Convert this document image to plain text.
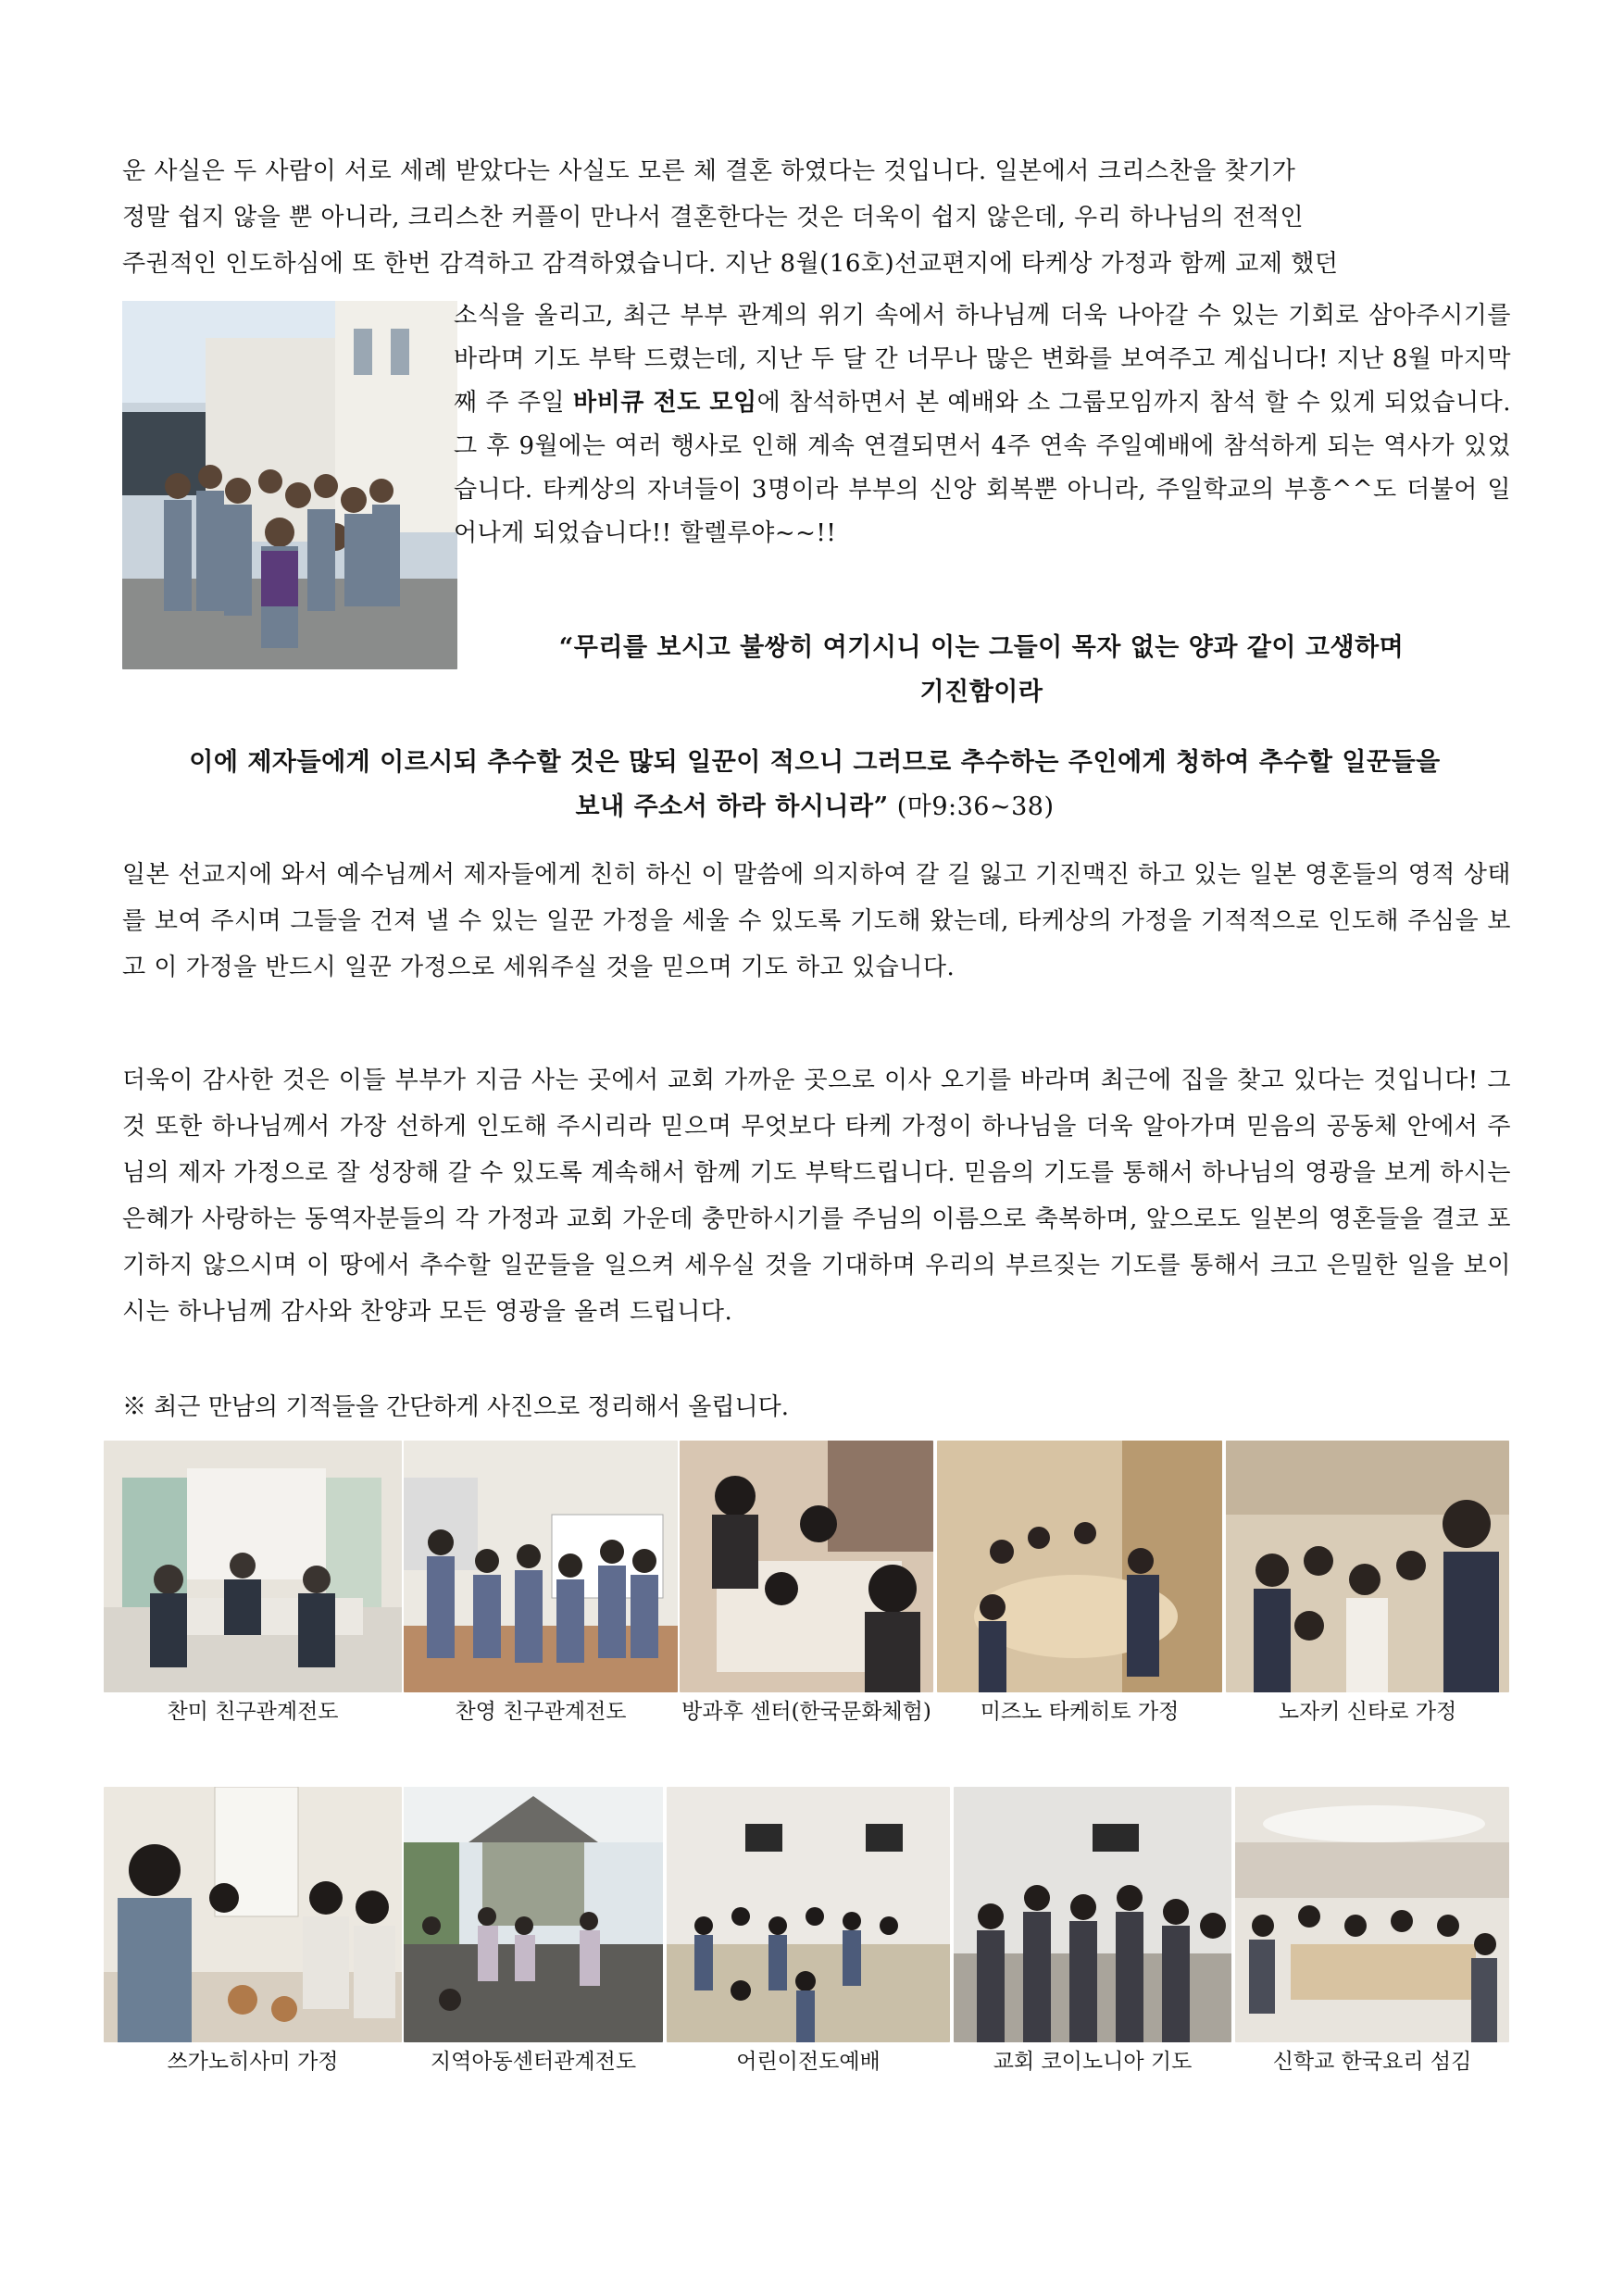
운 사실은 두 사람이 서로 세례 받았다는 사실도 모른 체 결혼 하였다는 것입니다. 일본에서 크리스찬을 찾기가

정말 쉽지 않을 뿐 아니라, 크리스찬 커플이 만나서 결혼한다는 것은 더욱이 쉽지 않은데, 우리 하나님의 전적인

주권적인 인도하심에 또 한번 감격하고 감격하였습니다. 지난 8월(16호)선교편지에 타케상 가정과 함께 교제 했던

소식을 올리고, 최근 부부 관계의 위기 속에서 하나님께 더욱 나아갈 수 있는 기회로 삼아주시기를 바라며 기도 부탁 드렸는데, 지난 두 달 간 너무나 많은 변화를 보여주고 계십니다! 지난 8월 마지막 째 주 주일 바비큐 전도 모임에 참석하면서 본 예배와 소 그룹모임까지 참석 할 수 있게 되었습니다. 그 후 9월에는 여러 행사로 인해 계속 연결되면서 4주 연속 주일예배에 참석하게 되는 역사가 있었습니다. 타케상의 자녀들이 3명이라 부부의 신앙 회복뿐 아니라, 주일학교의 부흥^^도 더불어 일어나게 되었습니다!! 할렐루야~~!!

“무리를 보시고 불쌍히 여기시니 이는 그들이 목자 없는 양과 같이 고생하며

기진함이라

이에 제자들에게 이르시되 추수할 것은 많되 일꾼이 적으니 그러므로 추수하는 주인에게 청하여 추수할 일꾼들을

보내 주소서 하라 하시니라” (마9:36~38)

일본 선교지에 와서 예수님께서 제자들에게 친히 하신 이 말씀에 의지하여 갈 길 잃고 기진맥진 하고 있는 일본 영혼들의 영적 상태를 보여 주시며 그들을 건져 낼 수 있는 일꾼 가정을 세울 수 있도록 기도해 왔는데, 타케상의 가정을 기적적으로 인도해 주심을 보고 이 가정을 반드시 일꾼 가정으로 세워주실 것을 믿으며 기도 하고 있습니다.

더욱이 감사한 것은 이들 부부가 지금 사는 곳에서 교회 가까운 곳으로 이사 오기를 바라며 최근에 집을 찾고 있다는 것입니다! 그 것 또한 하나님께서 가장 선하게 인도해 주시리라 믿으며 무엇보다 타케 가정이 하나님을 더욱 알아가며 믿음의 공동체 안에서 주님의 제자 가정으로 잘 성장해 갈 수 있도록 계속해서 함께 기도 부탁드립니다. 믿음의 기도를 통해서 하나님의 영광을 보게 하시는 은혜가 사랑하는 동역자분들의 각 가정과 교회 가운데 충만하시기를 주님의 이름으로 축복하며, 앞으로도 일본의 영혼들을 결코 포기하지 않으시며 이 땅에서 추수할 일꾼들을 일으켜 세우실 것을 기대하며 우리의 부르짖는 기도를 통해서 크고 은밀한 일을 보이시는 하나님께 감사와 찬양과 모든 영광을 올려 드립니다.

※ 최근 만남의 기적들을 간단하게 사진으로 정리해서 올립니다.

찬미 친구관계전도	찬영 친구관계전도	방과후 센터(한국문화체험)	미즈노 타케히토 가정	노자키 신타로 가정
쓰가노히사미 가정	지역아동센터관계전도	어린이전도예배	교회 코이노니아 기도	신학교 한국요리 섬김
